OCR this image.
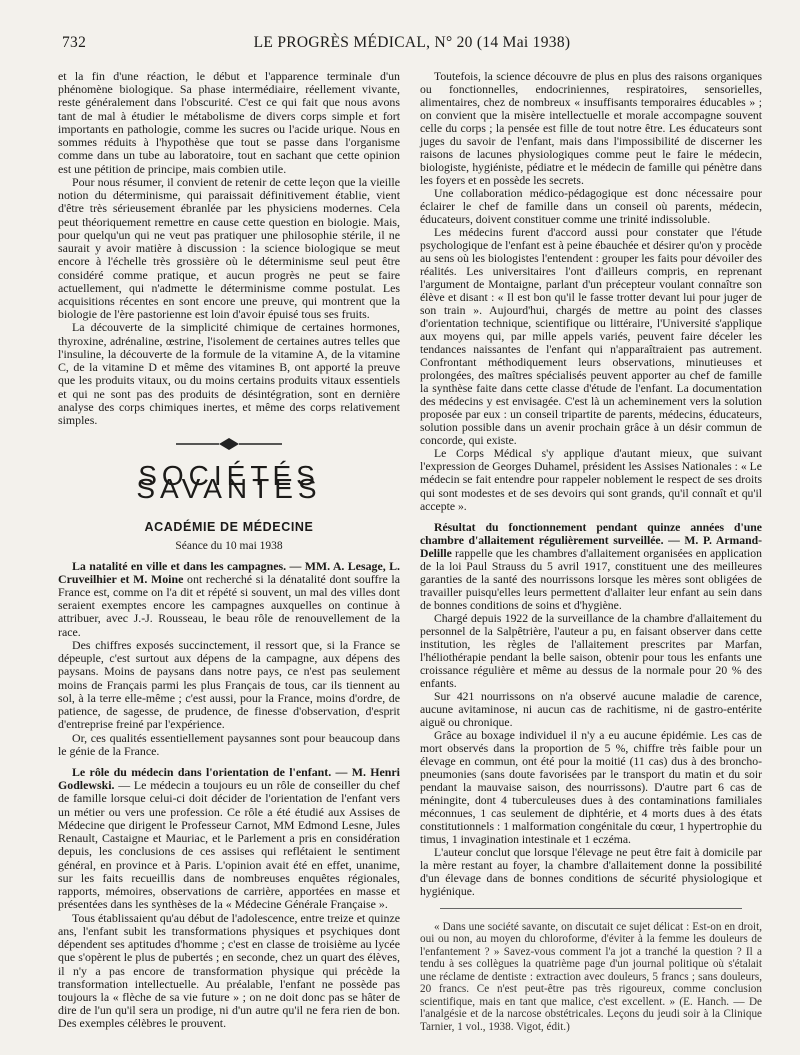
732	LE PROGRÈS MÉDICAL, N° 20 (14 Mai 1938)

et la fin d'une réaction, le début et l'apparence terminale d'un phénomène biologique. Sa phase intermédiaire, réellement vivante, reste généralement dans l'obscurité. C'est ce qui fait que nous avons tant de mal à étudier le métabolisme de divers corps simple et fort importants en pathologie, comme les sucres ou l'acide urique. Nous en sommes réduits à l'hypothèse que tout se passe dans l'organisme comme dans un tube au laboratoire, tout en sachant que cette opinion est une pétition de principe, mais combien utile.

Pour nous résumer, il convient de retenir de cette leçon que la vieille notion du déterminisme, qui paraissait définitivement établie, vient d'être très sérieusement ébranlée par les physiciens modernes. Cela peut théoriquement remettre en cause cette question en biologie. Mais, pour quelqu'un qui ne veut pas pratiquer une philosophie stérile, il ne saurait y avoir matière à discussion : la science biologique se meut encore à l'échelle très grossière où le déterminisme seul peut être considéré comme pratique, et aucun progrès ne peut se faire actuellement, qui n'admette le déterminisme comme postulat. Les acquisitions récentes en sont encore une preuve, qui montrent que la biologie de l'ère pastorienne est loin d'avoir épuisé tous ses fruits.

La découverte de la simplicité chimique de certaines hormones, thyroxine, adrénaline, œstrine, l'isolement de certaines autres telles que l'insuline, la découverte de la formule de la vitamine A, de la vitamine C, de la vitamine D et même des vitamines B, ont apporté la preuve que les produits vitaux, ou du moins certains produits vitaux essentiels et qui ne sont pas des produits de désintégration, sont en dernière analyse des corps chimiques inertes, et même des corps relativement simples.

SOCIÉTÉS SAVANTES
ACADÉMIE DE MÉDECINE
Séance du 10 mai 1938

La natalité en ville et dans les campagnes. — MM. A. Lesage, L. Cruveilhier et M. Moine ont recherché si la dénatalité dont souffre la France est, comme on l'a dit et répété si souvent, un mal des villes dont seraient exemptes encore les campagnes auxquelles on continue à attribuer, avec J.-J. Rousseau, le beau rôle de renouvellement de la race.

Des chiffres exposés succinctement, il ressort que, si la France se dépeuple, c'est surtout aux dépens de la campagne, aux dépens des paysans. Moins de paysans dans notre pays, ce n'est pas seulement moins de Français parmi les plus Français de tous, car ils tiennent au sol, à la terre elle-même ; c'est aussi, pour la France, moins d'ordre, de patience, de sagesse, de prudence, de finesse d'observation, d'esprit d'entreprise freiné par l'expérience.

Or, ces qualités essentiellement paysannes sont pour beaucoup dans le génie de la France.

Le rôle du médecin dans l'orientation de l'enfant. — M. Henri Godlewski. — Le médecin a toujours eu un rôle de conseiller du chef de famille lorsque celui-ci doit décider de l'orientation de l'enfant vers un métier ou vers une profession. Ce rôle a été étudié aux Assises de Médecine que dirigent le Professeur Carnot, MM Edmond Lesne, Jules Renault, Castaigne et Mauriac, et le Parlement a pris en considération depuis, les conclusions de ces assises qui reflétaient le sentiment général, en province et à Paris. L'opinion avait été en effet, unanime, sur les faits recueillis dans de nombreuses enquêtes régionales, rapports, mémoires, observations de carrière, apportées en masse et présentées dans les synthèses de la « Médecine Générale Française ».

Tous établissaient qu'au début de l'adolescence, entre treize et quinze ans, l'enfant subit les transformations physiques et psychiques dont dépendent ses aptitudes d'homme ; c'est en classe de troisième au lycée que s'opèrent le plus de pubertés ; en seconde, chez un quart des élèves, il n'y a pas encore de transformation physique qui précède la transformation intellectuelle. Au préalable, l'enfant ne possède pas toujours la « flèche de sa vie future » ; on ne doit donc pas se hâter de dire de l'un qu'il sera un prodige, ni d'un autre qu'il ne fera rien de bon. Des exemples célèbres le prouvent.

Toutefois, la science découvre de plus en plus des raisons organiques ou fonctionnelles, endocriniennes, respiratoires, sensorielles, alimentaires, chez de nombreux « insuffisants temporaires éducables » ; on convient que la misère intellectuelle et morale accompagne souvent celle du corps ; la pensée est fille de tout notre être. Les éducateurs sont juges du savoir de l'enfant, mais dans l'impossibilité de discerner les raisons de lacunes physiologiques comme peut le faire le médecin, biologiste, hygiéniste, pédiatre et le médecin de famille qui pénètre dans les foyers et en possède les secrets.

Une collaboration médico-pédagogique est donc nécessaire pour éclairer le chef de famille dans un conseil où parents, médecin, éducateurs, doivent constituer comme une trinité indissoluble.

Les médecins furent d'accord aussi pour constater que l'étude psychologique de l'enfant est à peine ébauchée et désirer qu'on y procède au sens où les biologistes l'entendent : grouper les faits pour dévoiler des réalités. Les universitaires l'ont d'ailleurs compris, en reprenant l'argument de Montaigne, parlant d'un précepteur voulant connaître son élève et disant : « Il est bon qu'il le fasse trotter devant lui pour juger de son train ». Aujourd'hui, chargés de mettre au point des classes d'orientation technique, scientifique ou littéraire, l'Université s'applique aux moyens qui, par mille appels variés, peuvent faire déceler les tendances naissantes de l'enfant qui n'apparaîtraient pas autrement. Confrontant méthodiquement leurs observations, minutieuses et prolongées, des maîtres spécialisés peuvent apporter au chef de famille la synthèse faite dans cette classe d'étude de l'enfant. La documentation des médecins y est envisagée. C'est là un acheminement vers la solution proposée par eux : un conseil tripartite de parents, médecins, éducateurs, solution possible dans un avenir prochain grâce à un désir commun de concorde, qui existe.

Le Corps Médical s'y applique d'autant mieux, que suivant l'expression de Georges Duhamel, président les Assises Nationales : « Le médecin se fait entendre pour rappeler noblement le respect de ses droits qui sont modestes et de ses devoirs qui sont grands, qu'il connaît et qu'il accepte ».

Résultat du fonctionnement pendant quinze années d'une chambre d'allaitement régulièrement surveillée. — M. P. Armand-Delille rappelle que les chambres d'allaitement organisées en application de la loi Paul Strauss du 5 avril 1917, constituent une des meilleures garanties de la santé des nourrissons lorsque les mères sont obligées de travailler puisqu'elles leurs permettent d'allaiter leur enfant au sein dans de bonnes conditions de soins et d'hygiène.

Chargé depuis 1922 de la surveillance de la chambre d'allaitement du personnel de la Salpêtrière, l'auteur a pu, en faisant observer dans cette institution, les règles de l'allaitement prescrites par Marfan, l'héliothérapie pendant la belle saison, obtenir pour tous les enfants une croissance régulière et même au dessus de la normale pour 20 % des enfants.

Sur 421 nourrissons on n'a observé aucune maladie de carence, aucune avitaminose, ni aucun cas de rachitisme, ni de gastro-entérite aiguë ou chronique.

Grâce au boxage individuel il n'y a eu aucune épidémie. Les cas de mort observés dans la proportion de 5 %, chiffre très faible pour un élevage en commun, ont été pour la moitié (11 cas) dus à des broncho-pneumonies (sans doute favorisées par le transport du matin et du soir pendant la mauvaise saison, des nourrissons). D'autre part 6 cas de méningite, dont 4 tuberculeuses dues à des contaminations familiales méconnues, 1 cas seulement de diphtérie, et 4 morts dues à des états constitutionnels : 1 malformation congénitale du cœur, 1 hypertrophie du timus, 1 invagination intestinale et 1 eczéma.

L'auteur conclut que lorsque l'élevage ne peut être fait à domicile par la mère restant au foyer, la chambre d'allaitement donne la possibilité d'un élevage dans de bonnes conditions de sécurité physiologique et hygiénique.

« Dans une société savante, on discutait ce sujet délicat : Est-on en droit, oui ou non, au moyen du chloroforme, d'éviter à la femme les douleurs de l'enfantement ? » Savez-vous comment l'a jot a tranché la question ? Il a tendu à ses collègues la quatrième page d'un journal politique où s'étalait une réclame de dentiste : extraction avec douleurs, 5 francs ; sans douleurs, 20 francs. Ce n'est peut-être pas très rigoureux, comme conclusion scientifique, mais en tant que malice, c'est excellent. » (E. Hanch. — De l'analgésie et de la narcose obstétricales. Leçons du jeudi soir à la Clinique Tarnier, 1 vol., 1938. Vigot, édit.)
